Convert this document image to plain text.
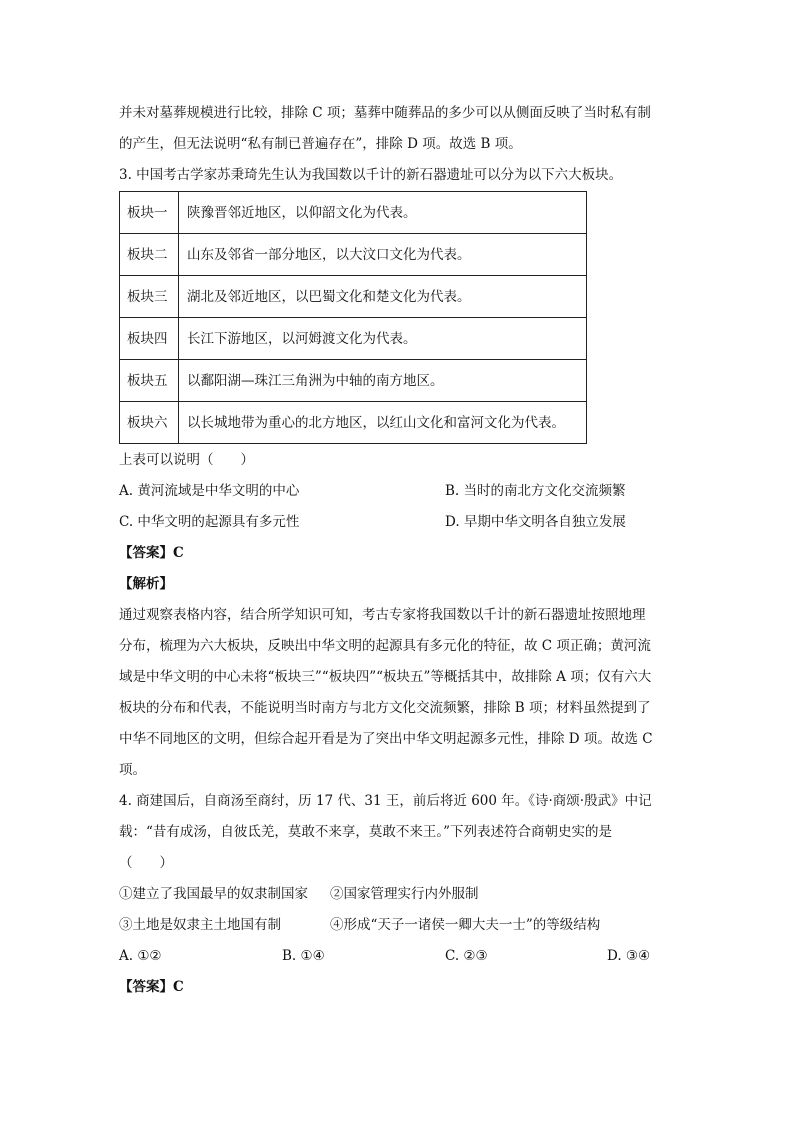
并未对墓葬规模进行比较，排除 C 项；墓葬中随葬品的多少可以从侧面反映了当时私有制
的产生，但无法说明“私有制已普遍存在”，排除 D 项。故选 B 项。
3. 中国考古学家苏秉琦先生认为我国数以千计的新石器遗址可以分为以下六大板块。
板块一	陕豫晋邻近地区，以仰韶文化为代表。
板块二	山东及邻省一部分地区，以大汶口文化为代表。
板块三	湖北及邻近地区，以巴蜀文化和楚文化为代表。
板块四	长江下游地区，以河姆渡文化为代表。
板块五	以鄱阳湖—珠江三角洲为中轴的南方地区。
板块六	以长城地带为重心的北方地区，以红山文化和富河文化为代表。
上表可以说明（　　）
A. 黄河流域是中华文明的中心	B. 当时的南北方文化交流频繁
C. 中华文明的起源具有多元性	D. 早期中华文明各自独立发展
【答案】C
【解析】
通过观察表格内容，结合所学知识可知，考古专家将我国数以千计的新石器遗址按照地理
分布，梳理为六大板块，反映出中华文明的起源具有多元化的特征，故 C 项正确；黄河流
域是中华文明的中心未将“板块三”“板块四”“板块五”等概括其中，故排除 A 项；仅有六大
板块的分布和代表，不能说明当时南方与北方文化交流频繁，排除 B 项；材料虽然提到了
中华不同地区的文明，但综合起开看是为了突出中华文明起源多元性，排除 D 项。故选 C
项。
4. 商建国后，自商汤至商纣，历 17 代、31 王，前后将近 600 年。《诗·商颂·殷武》中记
载：“昔有成汤，自彼氐羌，莫敢不来享，莫敢不来王。”下列表述符合商朝史实的是
（　　）
①建立了我国最早的奴隶制国家 ②国家管理实行内外服制
③土地是奴隶主土地国有制	④形成“天子一诸侯一卿大夫一士”的等级结构
A. ①②	B. ①④	C. ②③	D. ③④
【答案】C
